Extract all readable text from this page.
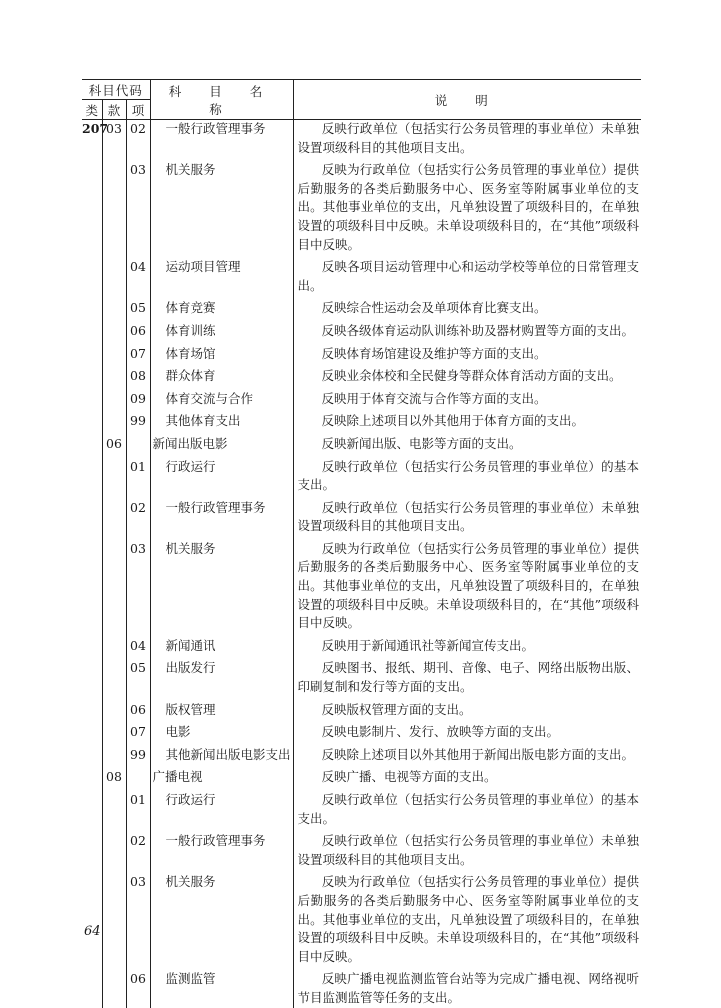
科目代码			科 目 名 称	说 明
类	款	项		
207	03	02	一般行政管理事务	反映行政单位（包括实行公务员管理的事业单位）未单独设置项级科目的其他项目支出。
		03	机关服务	反映为行政单位（包括实行公务员管理的事业单位）提供后勤服务的各类后勤服务中心、医务室等附属事业单位的支出。其他事业单位的支出，凡单独设置了项级科目的，在单独设置的项级科目中反映。未单设项级科目的，在“其他”项级科目中反映。
		04	运动项目管理	反映各项目运动管理中心和运动学校等单位的日常管理支出。
		05	体育竞赛	反映综合性运动会及单项体育比赛支出。
		06	体育训练	反映各级体育运动队训练补助及器材购置等方面的支出。
		07	体育场馆	反映体育场馆建设及维护等方面的支出。
		08	群众体育	反映业余体校和全民健身等群众体育活动方面的支出。
		09	体育交流与合作	反映用于体育交流与合作等方面的支出。
		99	其他体育支出	反映除上述项目以外其他用于体育方面的支出。
	06		新闻出版电影	反映新闻出版、电影等方面的支出。
		01	行政运行	反映行政单位（包括实行公务员管理的事业单位）的基本支出。
		02	一般行政管理事务	反映行政单位（包括实行公务员管理的事业单位）未单独设置项级科目的其他项目支出。
		03	机关服务	反映为行政单位（包括实行公务员管理的事业单位）提供后勤服务的各类后勤服务中心、医务室等附属事业单位的支出。其他事业单位的支出，凡单独设置了项级科目的，在单独设置的项级科目中反映。未单设项级科目的，在“其他”项级科目中反映。
		04	新闻通讯	反映用于新闻通讯社等新闻宣传支出。
		05	出版发行	反映图书、报纸、期刊、音像、电子、网络出版物出版、印刷复制和发行等方面的支出。
		06	版权管理	反映版权管理方面的支出。
		07	电影	反映电影制片、发行、放映等方面的支出。
		99	其他新闻出版电影支出	反映除上述项目以外其他用于新闻出版电影方面的支出。
	08		广播电视	反映广播、电视等方面的支出。
		01	行政运行	反映行政单位（包括实行公务员管理的事业单位）的基本支出。
		02	一般行政管理事务	反映行政单位（包括实行公务员管理的事业单位）未单独设置项级科目的其他项目支出。
		03	机关服务	反映为行政单位（包括实行公务员管理的事业单位）提供后勤服务的各类后勤服务中心、医务室等附属事业单位的支出。其他事业单位的支出，凡单独设置了项级科目的，在单独设置的项级科目中反映。未单设项级科目的，在“其他”项级科目中反映。
		06	监测监管	反映广播电视监测监管台站等为完成广播电视、网络视听节目监测监管等任务的支出。
64
